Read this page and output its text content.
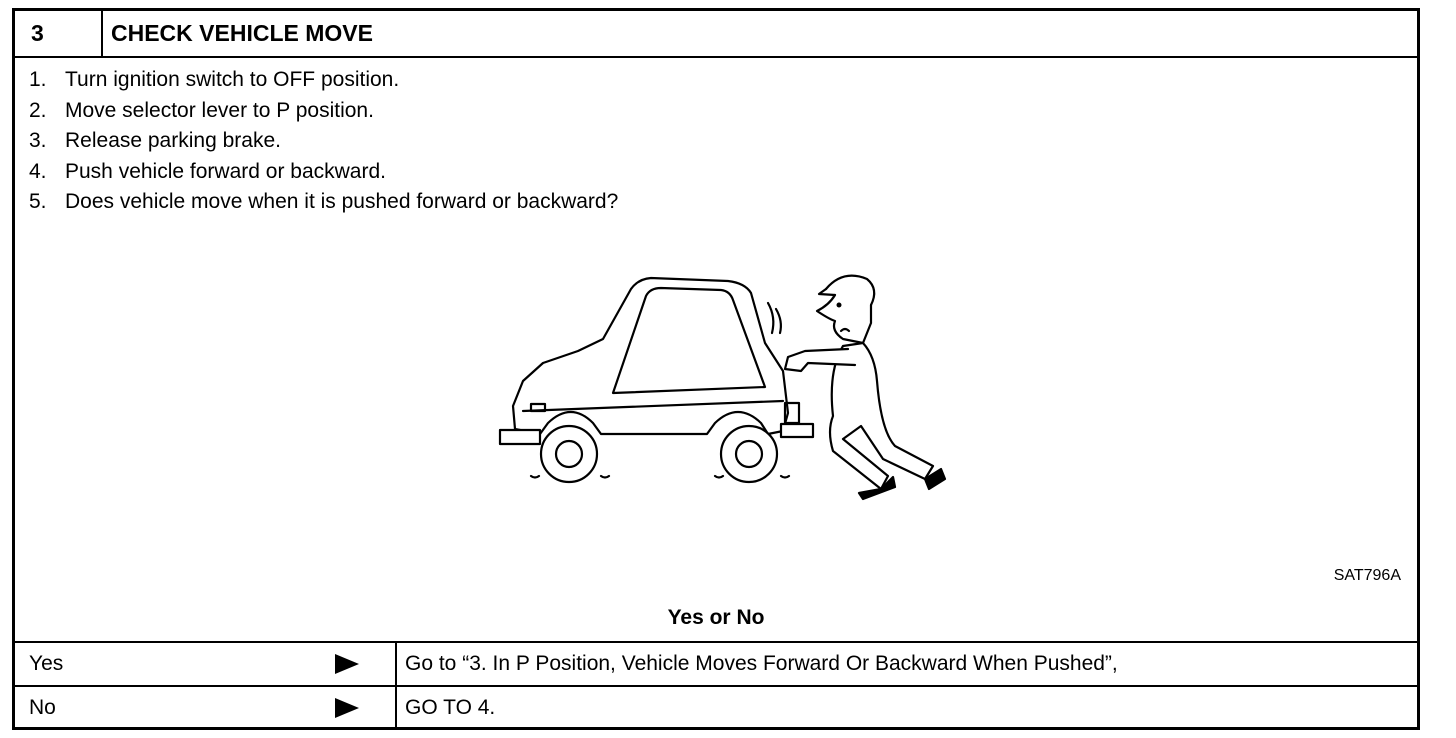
3	CHECK VEHICLE MOVE
1. Turn ignition switch to OFF position.
2. Move selector lever to P position.
3. Release parking brake.
4. Push vehicle forward or backward.
5. Does vehicle move when it is pushed forward or backward?
SAT796A
Yes or No
Yes	Go to “3. In P Position, Vehicle Moves Forward Or Backward When Pushed”,
No	GO TO 4.
